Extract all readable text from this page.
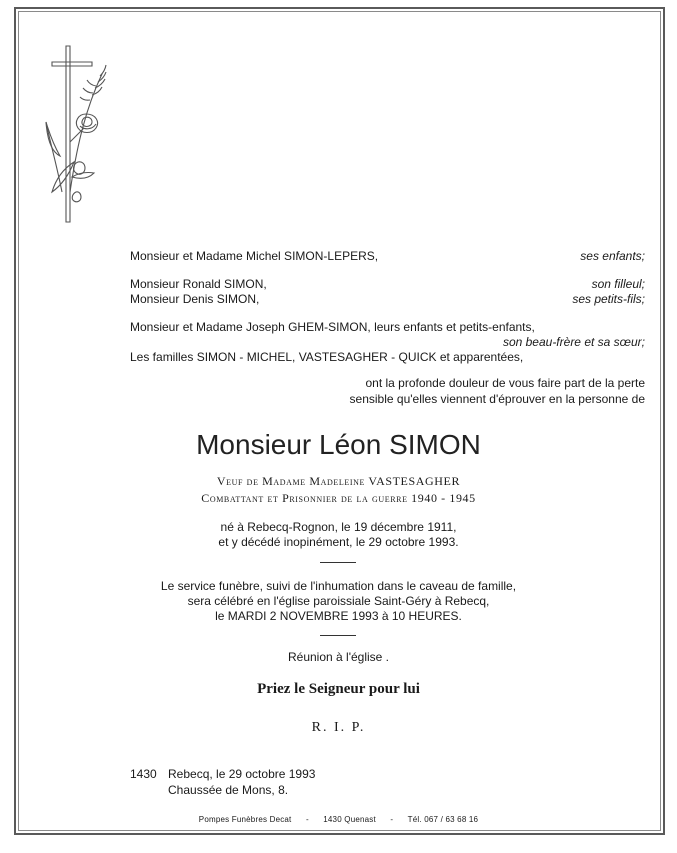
Monsieur et Madame Michel SIMON-LEPERS,	ses enfants;
Monsieur Ronald SIMON,	son filleul;
Monsieur Denis SIMON,	ses petits-fils;
Monsieur et Madame Joseph GHEM-SIMON, leurs enfants et petits-enfants,
son beau-frère et sa sœur;
Les familles SIMON - MICHEL, VASTESAGHER - QUICK et apparentées,
ont la profonde douleur de vous faire part de la perte
sensible qu'elles viennent d'éprouver en la personne de
Monsieur Léon SIMON
Veuf de Madame Madeleine VASTESAGHER
Combattant et Prisonnier de la guerre 1940 - 1945
né à Rebecq-Rognon, le 19 décembre 1911,
et y décédé inopinément, le 29 octobre 1993.
Le service funèbre, suivi de l'inhumation dans le caveau de famille,
sera célébré en l'église paroissiale Saint-Géry à Rebecq,
le MARDI 2 NOVEMBRE 1993 à 10 HEURES.
Réunion à l'église .
Priez le Seigneur pour lui
R. I. P.
1430 Rebecq, le 29 octobre 1993
Chaussée de Mons, 8.
Pompes Funèbres Decat - 1430 Quenast - Tél. 067 / 63 68 16
